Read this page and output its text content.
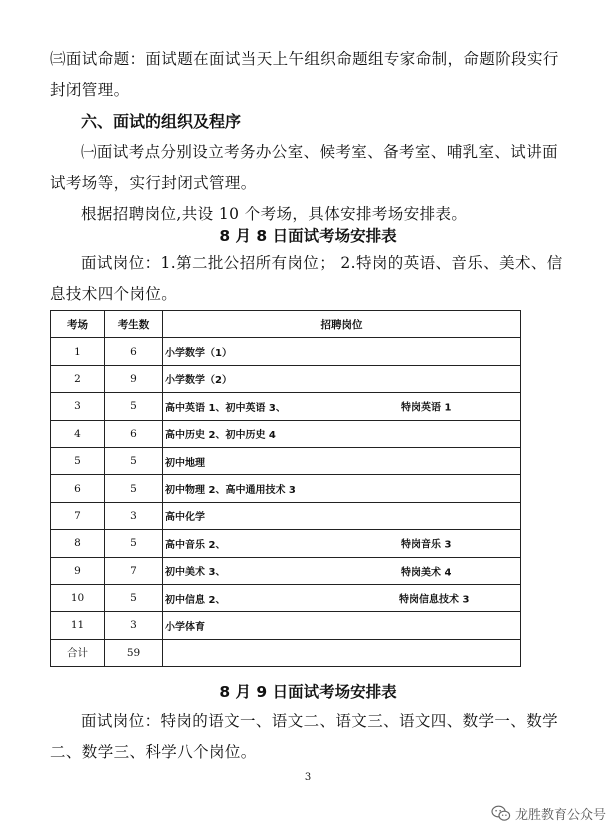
㈢面试命题：面试题在面试当天上午组织命题组专家命制，命题阶段实行封闭管理。

六、面试的组织及程序

㈠面试考点分别设立考务办公室、候考室、备考室、哺乳室、试讲面试考场等，实行封闭式管理。

根据招聘岗位,共设 10 个考场，具体安排考场安排表。

8 月 8 日面试考场安排表

面试岗位：1.第二批公招所有岗位； 2.特岗的英语、音乐、美术、信息技术四个岗位。

考场	考生数	招聘岗位
1	6	小学数学（1）
2	9	小学数学（2）
3	5	高中英语 1、初中英语 3、 特岗英语 1

4	6	高中历史 2、初中历史 4
5	5	初中地理
6	5	初中物理 2、高中通用技术 3
7	3	高中化学
8	5	高中音乐 2、 特岗音乐 3

9	7	初中美术 3、 特岗美术 4

10	5	初中信息 2、 特岗信息技术 3

11	3	小学体育
合计	59	

8 月 9 日面试考场安排表

面试岗位：特岗的语文一、语文二、语文三、语文四、数学一、数学二、数学三、科学八个岗位。

3
龙胜教育公众号
